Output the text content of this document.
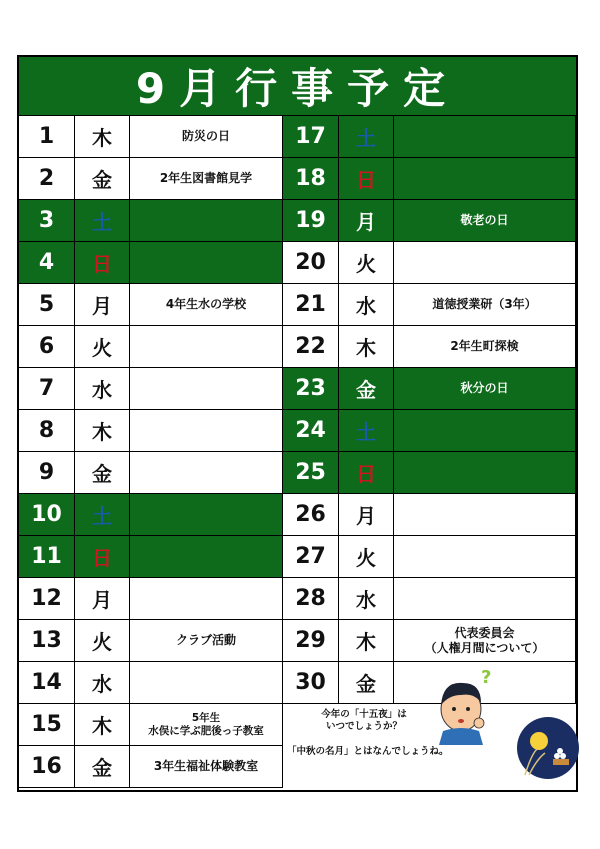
9月行事予定
1	木	防災の日
2	金	2年生図書館見学
3	土
4	日
5	月	4年生水の学校
6	火
7	水
8	木
9	金
10	土
11	日
12	月
13	火	クラブ活動
14	水
15	木	5年生
水俣に学ぶ肥後っ子教室
16	金	3年生福祉体験教室
17	土
18	日
19	月	敬老の日
20	火
21	水	道徳授業研（3年）
22	木	2年生町探検
23	金	秋分の日
24	土
25	日
26	月
27	火
28	水
29	木	代表委員会
（人権月間について）
30	金
今年の「十五夜」は
いつでしょうか？
「中秋の名月」とはなんでしょうね。
?
